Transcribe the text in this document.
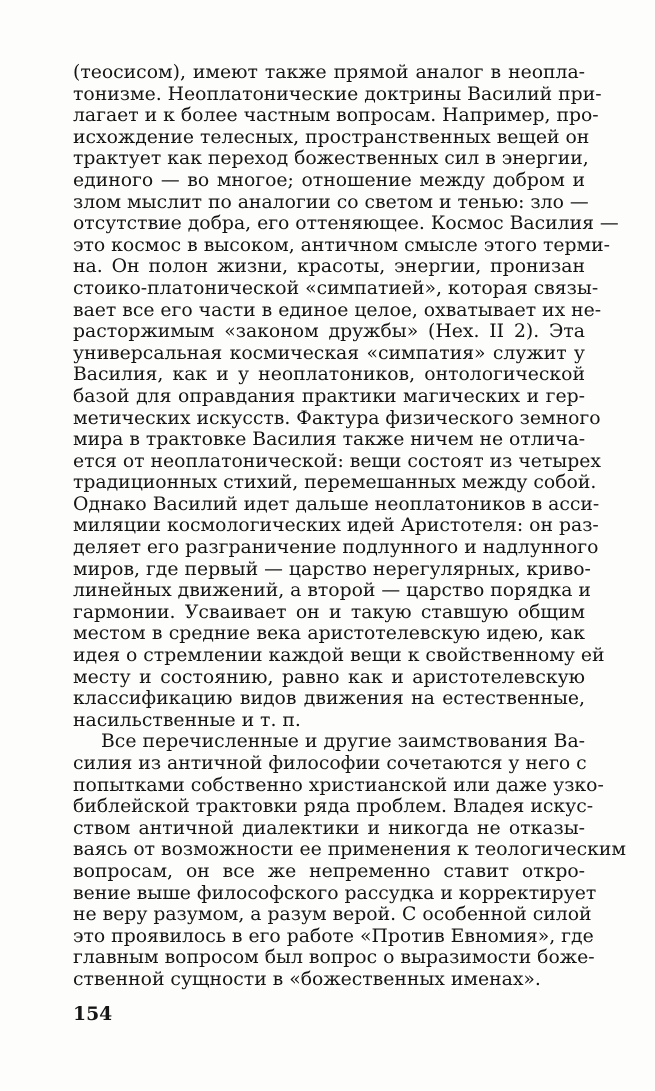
(теосисом), имеют также прямой аналог в неопла-
тонизме. Неоплатонические доктрины Василий при-
лагает и к более частным вопросам. Например, про-
исхождение телесных, пространственных вещей он
трактует как переход божественных сил в энергии,
единого — во многое; отношение между добром и
злом мыслит по аналогии со светом и тенью: зло —
отсутствие добра, его оттеняющее. Космос Василия —
это космос в высоком, античном смысле этого терми-
на. Он полон жизни, красоты, энергии, пронизан
стоико-платонической «симпатией», которая связы-
вает все его части в единое целое, охватывает их не-
расторжимым «законом дружбы» (Hex. II 2). Эта
универсальная космическая «симпатия» служит у
Василия, как и у неоплатоников, онтологической
базой для оправдания практики магических и гер-
метических искусств. Фактура физического земного
мира в трактовке Василия также ничем не отлича-
ется от неоплатонической: вещи состоят из четырех
традиционных стихий, перемешанных между собой.
Однако Василий идет дальше неоплатоников в асси-
миляции космологических идей Аристотеля: он раз-
деляет его разграничение подлунного и надлунного
миров, где первый — царство нерегулярных, криво-
линейных движений, а второй — царство порядка и
гармонии. Усваивает он и такую ставшую общим
местом в средние века аристотелевскую идею, как
идея о стремлении каждой вещи к свойственному ей
месту и состоянию, равно как и аристотелевскую
классификацию видов движения на естественные,
насильственные и т. п.
Все перечисленные и другие заимствования Ва-
силия из античной философии сочетаются у него с
попытками собственно христианской или даже узко-
библейской трактовки ряда проблем. Владея искус-
ством античной диалектики и никогда не отказы-
ваясь от возможности ее применения к теологическим
вопросам, он все же непременно ставит откро-
вение выше философского рассудка и корректирует
не веру разумом, а разум верой. С особенной силой
это проявилось в его работе «Против Евномия», где
главным вопросом был вопрос о выразимости боже-
ственной сущности в «божественных именах».
154
